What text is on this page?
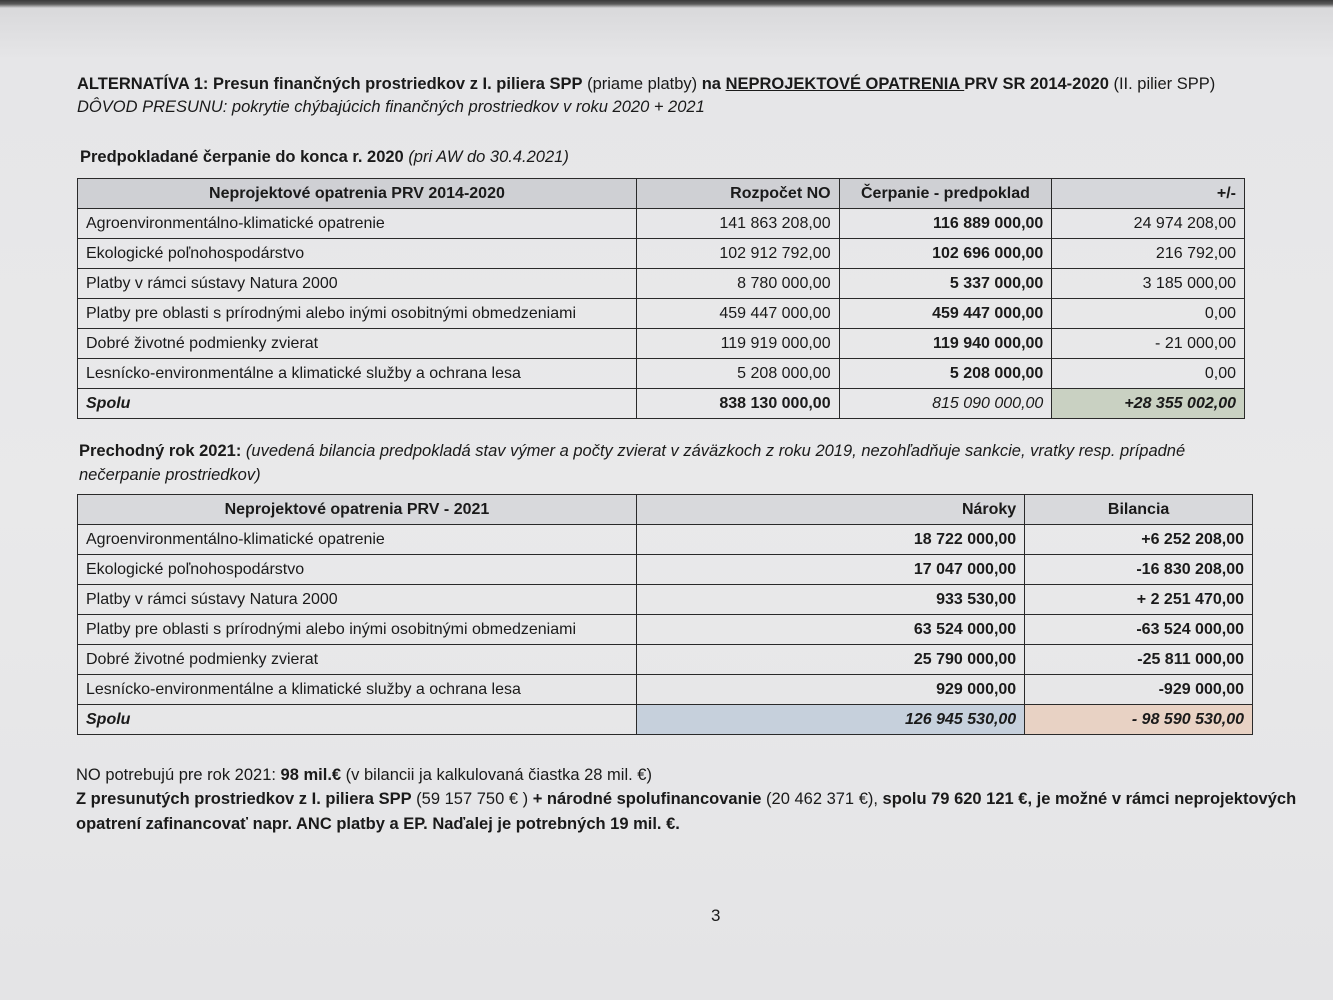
ALTERNATÍVA 1: Presun finančných prostriedkov z I. piliera SPP (priame platby) na NEPROJEKTOVÉ OPATRENIA PRV SR 2014-2020 (II. pilier SPP)
DÔVOD PRESUNU: pokrytie chýbajúcich finančných prostriedkov v roku 2020 + 2021
Predpokladané čerpanie do konca r. 2020 (pri AW do 30.4.2021)
Neprojektové opatrenia PRV 2014-2020	Rozpočet NO	Čerpanie - predpoklad	+/-
Agroenvironmentálno-klimatické opatrenie	141 863 208,00	116 889 000,00	24 974 208,00
Ekologické poľnohospodárstvo	102 912 792,00	102 696 000,00	216 792,00
Platby v rámci sústavy Natura 2000	8 780 000,00	5 337 000,00	3 185 000,00
Platby pre oblasti s prírodnými alebo inými osobitnými obmedzeniami	459 447 000,00	459 447 000,00	0,00
Dobré životné podmienky zvierat	119 919 000,00	119 940 000,00	- 21 000,00
Lesnícko-environmentálne a klimatické služby a ochrana lesa	5 208 000,00	5 208 000,00	0,00
Spolu	838 130 000,00	815 090 000,00	+28 355 002,00
Prechodný rok 2021: (uvedená bilancia predpokladá stav výmer a počty zvierat v záväzkoch z roku 2019, nezohľadňuje sankcie, vratky resp. prípadné
nečerpanie prostriedkov)
Neprojektové opatrenia PRV - 2021	Nároky	Bilancia
Agroenvironmentálno-klimatické opatrenie	18 722 000,00	+6 252 208,00
Ekologické poľnohospodárstvo	17 047 000,00	-16 830 208,00
Platby v rámci sústavy Natura 2000	933 530,00	+ 2 251 470,00
Platby pre oblasti s prírodnými alebo inými osobitnými obmedzeniami	63 524 000,00	-63 524 000,00
Dobré životné podmienky zvierat	25 790 000,00	-25 811 000,00
Lesnícko-environmentálne a klimatické služby a ochrana lesa	929 000,00	-929 000,00
Spolu	126 945 530,00	- 98 590 530,00
NO potrebujú pre rok 2021: 98 mil.€ (v bilancii ja kalkulovaná čiastka 28 mil. €)
Z presunutých prostriedkov z I. piliera SPP (59 157 750 € ) + národné spolufinancovanie (20 462 371 €), spolu 79 620 121 €, je možné v rámci neprojektových
opatrení zafinancovať napr. ANC platby a EP. Naďalej je potrebných 19 mil. €.
3
